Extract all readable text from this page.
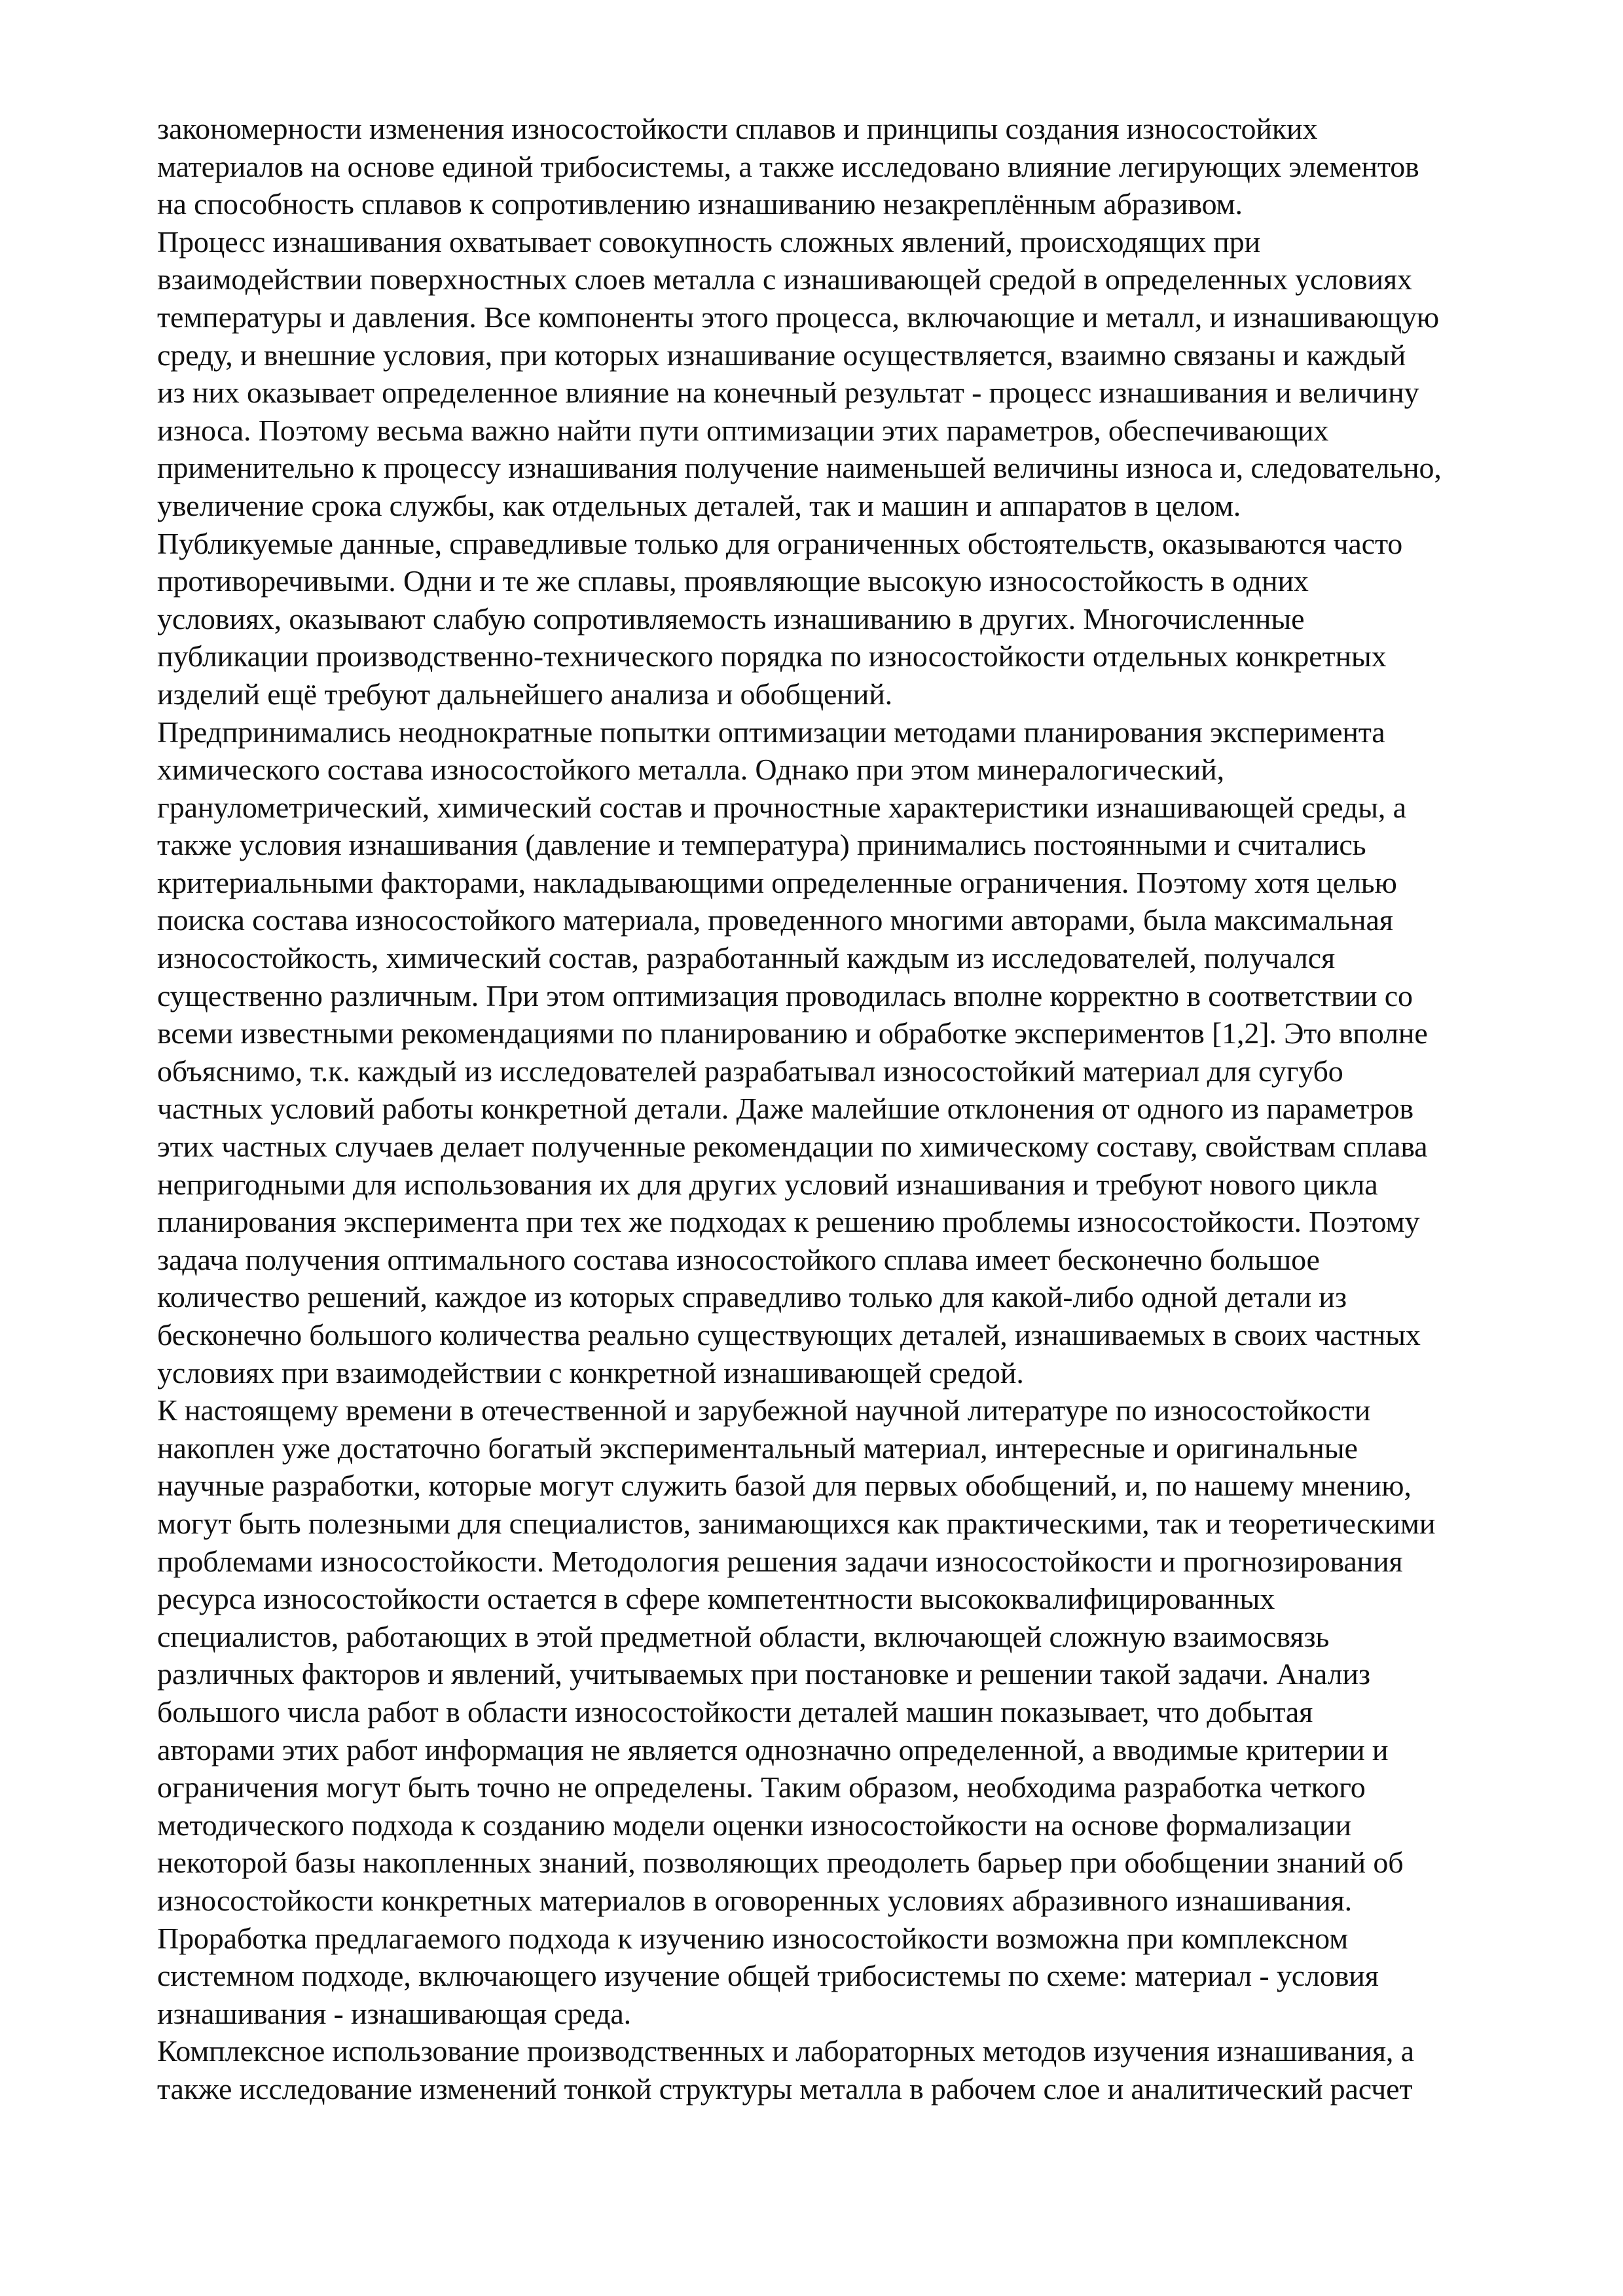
закономерности изменения износостойкости сплавов и принципы создания износостойких
материалов на основе единой трибосистемы, а также исследовано влияние легирующих элементов
на способность сплавов к сопротивлению изнашиванию незакреплённым абразивом.
Процесс изнашивания охватывает совокупность сложных явлений, происходящих при
взаимодействии поверхностных слоев металла с изнашивающей средой в определенных условиях
температуры и давления. Все компоненты этого процесса, включающие и металл, и изнашивающую
среду, и внешние условия, при которых изнашивание осуществляется, взаимно связаны и каждый
из них оказывает определенное влияние на конечный результат - процесс изнашивания и величину
износа. Поэтому весьма важно найти пути оптимизации этих параметров, обеспечивающих
применительно к процессу изнашивания получение наименьшей величины износа и, следовательно,
увеличение срока службы, как отдельных деталей, так и машин и аппаратов в целом.
Публикуемые данные, справедливые только для ограниченных обстоятельств, оказываются часто
противоречивыми. Одни и те же сплавы, проявляющие высокую износостойкость в одних
условиях, оказывают слабую сопротивляемость изнашиванию в других. Многочисленные
публикации производственно-технического порядка по износостойкости отдельных конкретных
изделий ещё требуют дальнейшего анализа и обобщений.
Предпринимались неоднократные попытки оптимизации методами планирования эксперимента
химического состава износостойкого металла. Однако при этом минералогический,
гранулометрический, химический состав и прочностные характеристики изнашивающей среды, а
также условия изнашивания (давление и температура) принимались постоянными и считались
критериальными факторами, накладывающими определенные ограничения. Поэтому хотя целью
поиска состава износостойкого материала, проведенного многими авторами, была максимальная
износостойкость, химический состав, разработанный каждым из исследователей, получался
существенно различным. При этом оптимизация проводилась вполне корректно в соответствии со
всеми известными рекомендациями по планированию и обработке экспериментов [1,2]. Это вполне
объяснимо, т.к. каждый из исследователей разрабатывал износостойкий материал для сугубо
частных условий работы конкретной детали. Даже малейшие отклонения от одного из параметров
этих частных случаев делает полученные рекомендации по химическому составу, свойствам сплава
непригодными для использования их для других условий изнашивания и требуют нового цикла
планирования эксперимента при тех же подходах к решению проблемы износостойкости. Поэтому
задача получения оптимального состава износостойкого сплава имеет бесконечно большое
количество решений, каждое из которых справедливо только для какой-либо одной детали из
бесконечно большого количества реально существующих деталей, изнашиваемых в своих частных
условиях при взаимодействии с конкретной изнашивающей средой.
К настоящему времени в отечественной и зарубежной научной литературе по износостойкости
накоплен уже достаточно богатый экспериментальный материал, интересные и оригинальные
научные разработки, которые могут служить базой для первых обобщений, и, по нашему мнению,
могут быть полезными для специалистов, занимающихся как практическими, так и теоретическими
проблемами износостойкости. Методология решения задачи износостойкости и прогнозирования
ресурса износостойкости остается в сфере компетентности высококвалифицированных
специалистов, работающих в этой предметной области, включающей сложную взаимосвязь
различных факторов и явлений, учитываемых при постановке и решении такой задачи. Анализ
большого числа работ в области износостойкости деталей машин показывает, что добытая
авторами этих работ информация не является однозначно определенной, а вводимые критерии и
ограничения могут быть точно не определены. Таким образом, необходима разработка четкого
методического подхода к созданию модели оценки износостойкости на основе формализации
некоторой базы накопленных знаний, позволяющих преодолеть барьер при обобщении знаний об
износостойкости конкретных материалов в оговоренных условиях абразивного изнашивания.
Проработка предлагаемого подхода к изучению износостойкости возможна при комплексном
системном подходе, включающего изучение общей трибосистемы по схеме: материал - условия
изнашивания - изнашивающая среда.
Комплексное использование производственных и лабораторных методов изучения изнашивания, а
также исследование изменений тонкой структуры металла в рабочем слое и аналитический расчет
